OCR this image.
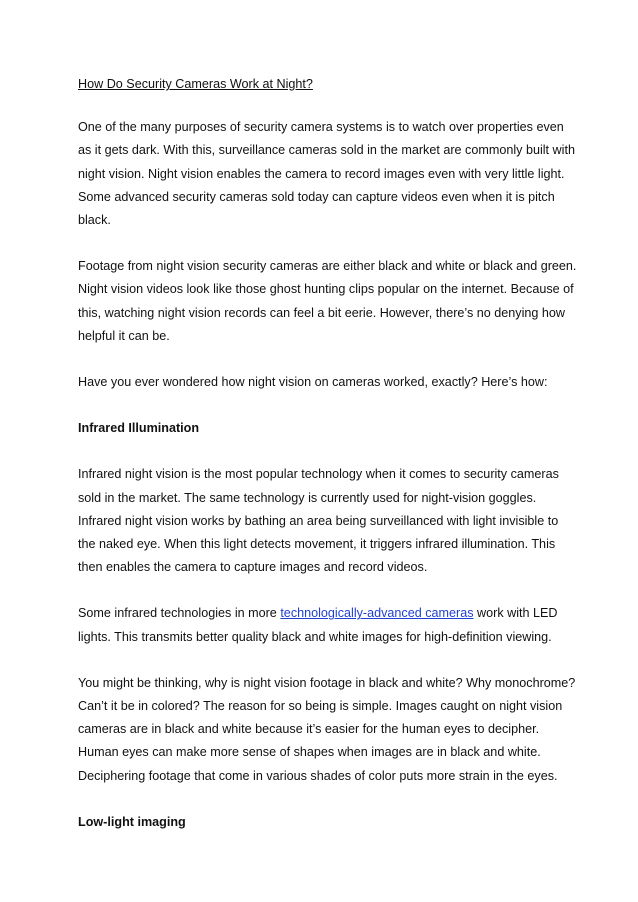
How Do Security Cameras Work at Night?

One of the many purposes of security camera systems is to watch over properties even as it gets dark. With this, surveillance cameras sold in the market are commonly built with night vision. Night vision enables the camera to record images even with very little light. Some advanced security cameras sold today can capture videos even when it is pitch black.

Footage from night vision security cameras are either black and white or black and green. Night vision videos look like those ghost hunting clips popular on the internet. Because of this, watching night vision records can feel a bit eerie. However, there’s no denying how helpful it can be.

Have you ever wondered how night vision on cameras worked, exactly? Here’s how:

Infrared Illumination

Infrared night vision is the most popular technology when it comes to security cameras sold in the market. The same technology is currently used for night-vision goggles. Infrared night vision works by bathing an area being surveillanced with light invisible to the naked eye. When this light detects movement, it triggers infrared illumination. This then enables the camera to capture images and record videos.

Some infrared technologies in more technologically-advanced cameras work with LED lights. This transmits better quality black and white images for high-definition viewing.

You might be thinking, why is night vision footage in black and white? Why monochrome? Can’t it be in colored? The reason for so being is simple. Images caught on night vision cameras are in black and white because it’s easier for the human eyes to decipher. Human eyes can make more sense of shapes when images are in black and white. Deciphering footage that come in various shades of color puts more strain in the eyes.

Low-light imaging
